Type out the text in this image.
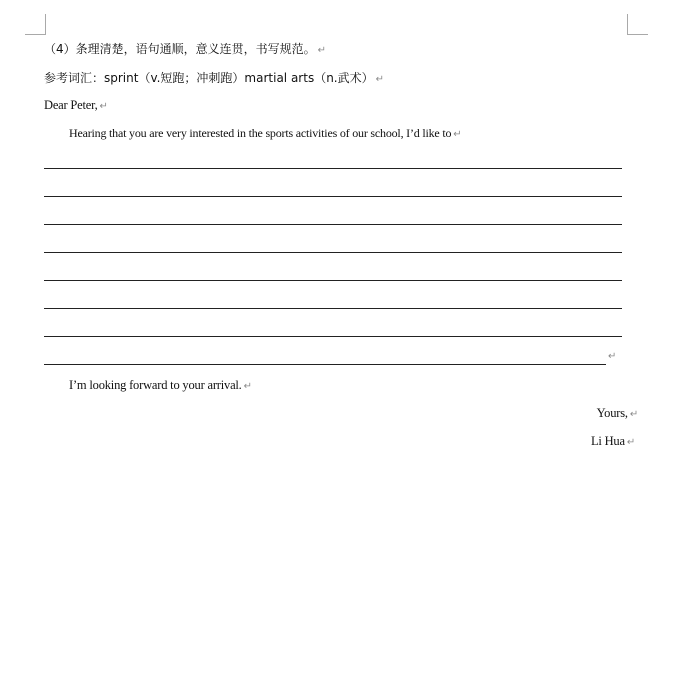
（4）条理清楚，语句通顺，意义连贯，书写规范。 ↵
参考词汇：sprint（v.短跑；冲刺跑）martial arts（n.武术） ↵
Dear Peter, ↵
Hearing that you are very interested in the sports activities of our school, I’d like to ↵
↵
I’m looking forward to your arrival. ↵
Yours, ↵
Li Hua ↵
